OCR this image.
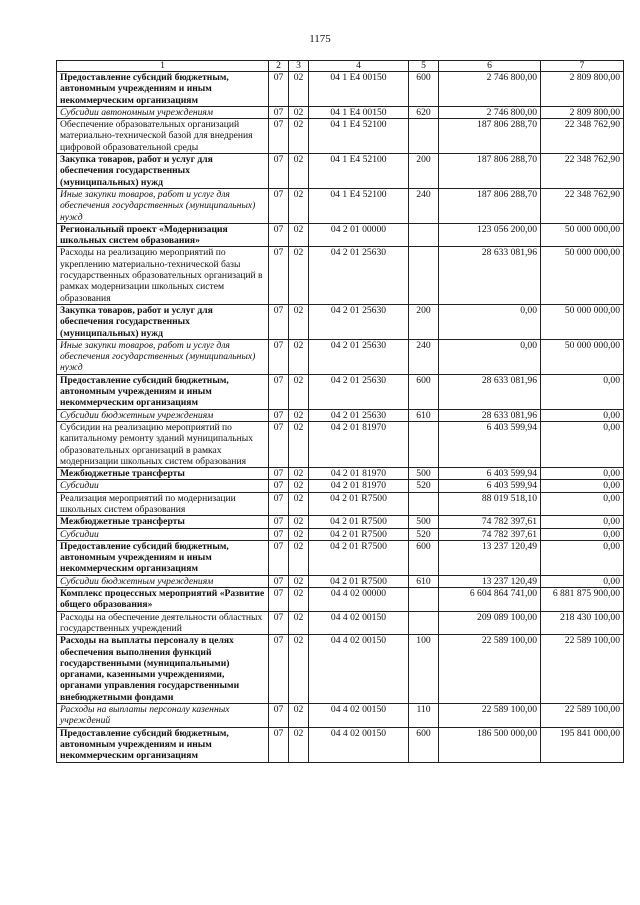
1175
1	2	3	4	5	6	7
Предоставление субсидий бюджетным, автономным учреждениям и иным некоммерческим организациям	07	02	04 1 E4 00150	600	2 746 800,00	2 809 800,00
Субсидии автономным учреждениям	07	02	04 1 E4 00150	620	2 746 800,00	2 809 800,00
Обеспечение образовательных организаций материально-технической базой для внедрения цифровой образовательной среды	07	02	04 1 E4 52100		187 806 288,70	22 348 762,90
Закупка товаров, работ и услуг для обеспечения государственных (муниципальных) нужд	07	02	04 1 E4 52100	200	187 806 288,70	22 348 762,90
Иные закупки товаров, работ и услуг для обеспечения государственных (муниципальных) нужд	07	02	04 1 E4 52100	240	187 806 288,70	22 348 762,90
Региональный проект «Модернизация школьных систем образования»	07	02	04 2 01 00000		123 056 200,00	50 000 000,00
Расходы на реализацию мероприятий по укреплению материально-технической базы государственных образовательных организаций в рамках модернизации школьных систем образования	07	02	04 2 01 25630		28 633 081,96	50 000 000,00
Закупка товаров, работ и услуг для обеспечения государственных (муниципальных) нужд	07	02	04 2 01 25630	200	0,00	50 000 000,00
Иные закупки товаров, работ и услуг для обеспечения государственных (муниципальных) нужд	07	02	04 2 01 25630	240	0,00	50 000 000,00
Предоставление субсидий бюджетным, автономным учреждениям и иным некоммерческим организациям	07	02	04 2 01 25630	600	28 633 081,96	0,00
Субсидии бюджетным учреждениям	07	02	04 2 01 25630	610	28 633 081,96	0,00
Субсидии на реализацию мероприятий по капитальному ремонту зданий муниципальных образовательных организаций в рамках модернизации школьных систем образования	07	02	04 2 01 81970		6 403 599,94	0,00
Межбюджетные трансферты	07	02	04 2 01 81970	500	6 403 599,94	0,00
Субсидии	07	02	04 2 01 81970	520	6 403 599,94	0,00
Реализация мероприятий по модернизации школьных систем образования	07	02	04 2 01 R7500		88 019 518,10	0,00
Межбюджетные трансферты	07	02	04 2 01 R7500	500	74 782 397,61	0,00
Субсидии	07	02	04 2 01 R7500	520	74 782 397,61	0,00
Предоставление субсидий бюджетным, автономным учреждениям и иным некоммерческим организациям	07	02	04 2 01 R7500	600	13 237 120,49	0,00
Субсидии бюджетным учреждениям	07	02	04 2 01 R7500	610	13 237 120,49	0,00
Комплекс процессных мероприятий «Развитие общего образования»	07	02	04 4 02 00000		6 604 864 741,00	6 881 875 900,00
Расходы на обеспечение деятельности областных государственных учреждений	07	02	04 4 02 00150		209 089 100,00	218 430 100,00
Расходы на выплаты персоналу в целях обеспечения выполнения функций государственными (муниципальными) органами, казенными учреждениями, органами управления государственными внебюджетными фондами	07	02	04 4 02 00150	100	22 589 100,00	22 589 100,00
Расходы на выплаты персоналу казенных учреждений	07	02	04 4 02 00150	110	22 589 100,00	22 589 100,00
Предоставление субсидий бюджетным, автономным учреждениям и иным некоммерческим организациям	07	02	04 4 02 00150	600	186 500 000,00	195 841 000,00
